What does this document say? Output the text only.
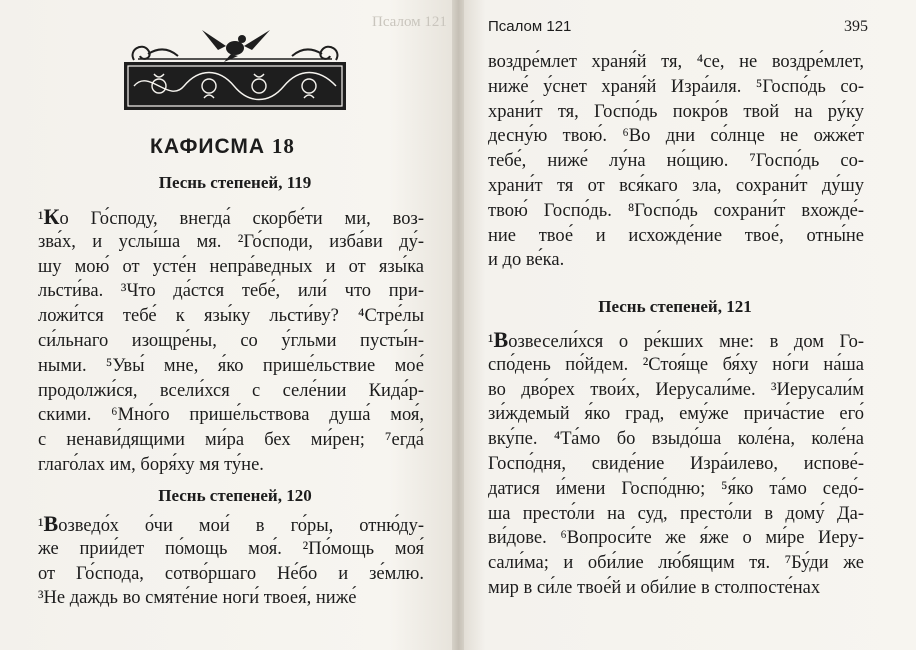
Псалом 121
КАФИСМА 18
Песнь степеней, 119
¹Ко Го́споду, внегда́ скорбе́ти ми, воз-
зва́х, и услы́ша мя. ²Го́споди, изба́ви ду́-
шу мою́ от усте́н непра́ведных и от язы́ка
льсти́ва. ³Что да́стся тебе́, или́ что при-
ложи́тся тебе́ к язы́ку льсти́ву? ⁴Стре́лы
си́льнаго изощре́ны, со у́гльми пусты́н-
ными. ⁵Увы́ мне, я́ко прише́льствие мое́
продолжи́ся, всели́хся с селе́нии Кида́р-
скими. ⁶Мно́го прише́льствова душа́ моя́,
с ненави́дящими ми́ра бех ми́рен; ⁷егда́
глаго́лах им, боря́ху мя ту́не.
Песнь степеней, 120
¹Возведо́х о́чи мои́ в го́ры, отню́ду-
же прии́дет по́мощь моя́. ²По́мощь моя́
от Го́спода, сотво́ршаго Не́бо и зе́млю.
³Не даждь во смяте́ние ноги́ твоея́, ниже́
Псалом 121	395
воздре́млет храня́й тя, ⁴се, не воздре́млет,
ниже́ у́снет храня́й Изра́иля. ⁵Госпо́дь со-
храни́т тя, Госпо́дь покро́в твой на ру́ку
десну́ю твою́. ⁶Во дни со́лнце не ожже́т
тебе́, ниже́ лу́на но́щию. ⁷Госпо́дь со-
храни́т тя от вся́каго зла, сохрани́т ду́шу
твою́ Госпо́дь. ⁸Госпо́дь сохрани́т вхожде́-
ние твое́ и исхожде́ние твое́, отны́не
и до ве́ка.
Песнь степеней, 121
¹Возвесели́хся о ре́кших мне: в дом Го-
спо́день по́йдем. ²Стоя́ще бя́ху но́ги на́ша
во дво́рех твои́х, Иерусали́ме. ³Иерусали́м
зи́ждемый я́ко град, ему́же прича́стие его́
вку́пе. ⁴Та́мо бо взыдо́ша коле́на, коле́на
Госпо́дня, свиде́ние Изра́илево, испове́-
датися и́мени Госпо́дню; ⁵я́ко та́мо седо́-
ша престо́ли на суд, престо́ли в дому́ Да-
ви́дове. ⁶Вопроси́те же я́же о ми́ре Иеру-
сали́ма; и оби́лие лю́бящим тя. ⁷Бу́ди же
мир в си́ле твое́й и оби́лие в столпосте́нах
